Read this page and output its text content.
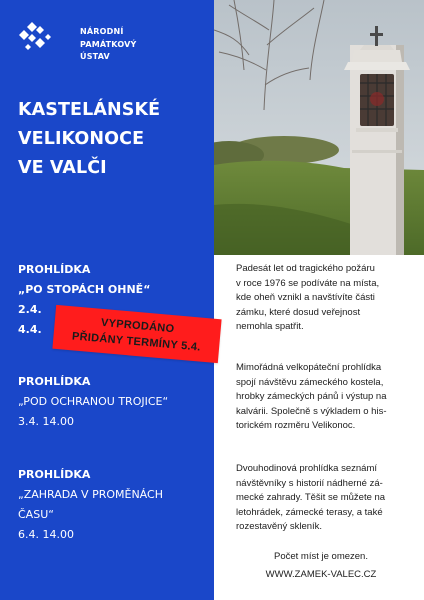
NÁRODNÍ
PAMÁTKOVÝ
ÚSTAV
KASTELÁNSKÉ
VELIKONOCE
VE VALČI
PROHLÍDKA
„PO STOPÁCH OHNĚ“
2.4.
4.4.
PROHLÍDKA
„POD OCHRANOU TROJICE“
3.4. 14.00
PROHLÍDKA
„ZAHRADA V PROMĚNÁCH
ČASU“
6.4. 14.00
VYPRODÁNO
PŘIDÁNY TERMÍNY 5.4.
Padesát let od tragického požáru
v roce 1976 se podíváte na místa,
kde oheň vznikl a navštívíte části
zámku, které dosud veřejnost
nemohla spatřit.
Mimořádná velkopáteční prohlídka
spojí návštěvu zámeckého kostela,
hrobky zámeckých pánů i výstup na
kalvárii. Společně s výkladem o his-
torickém rozměru Velikonoc.
Dvouhodinová prohlídka seznámí
návštěvníky s historií nádherné zá-
mecké zahrady. Těšit se můžete na
letohrádek, zámecké terasy, a také
rozestavěný skleník.
Počet míst je omezen.
WWW.ZAMEK-VALEC.CZ
